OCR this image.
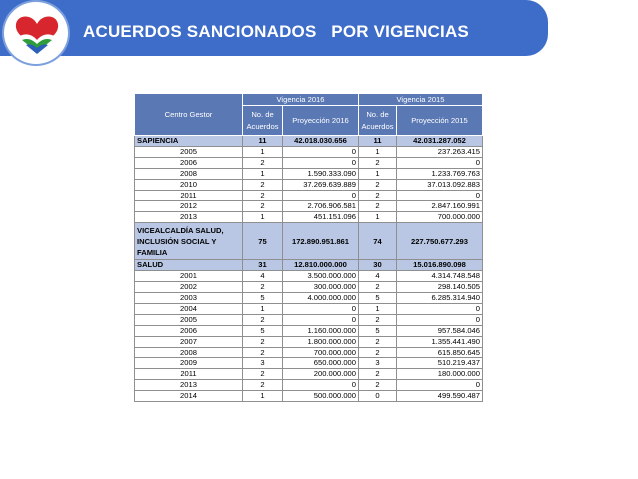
ACUERDOS SANCIONADOS   POR VIGENCIAS
Centro Gestor	Vigencia 2016		Vigencia 2015	
	No. de Acuerdos	Proyección 2016	No. de Acuerdos	Proyección 2015
SAPIENCIA	11	42.018.030.656	11	42.031.287.052
2005	1	0	1	237.263.415
2006	2	0	2	0
2008	1	1.590.333.090	1	1.233.769.763
2010	2	37.269.639.889	2	37.013.092.883
2011	2	0	2	0
2012	2	2.706.906.581	2	2.847.160.991
2013	1	451.151.096	1	700.000.000
VICEALCALDÍA SALUD, INCLUSIÓN SOCIAL Y FAMILIA	75	172.890.951.861	74	227.750.677.293
SALUD	31	12.810.000.000	30	15.016.890.098
2001	4	3.500.000.000	4	4.314.748.548
2002	2	300.000.000	2	298.140.505
2003	5	4.000.000.000	5	6.285.314.940
2004	1	0	1	0
2005	2	0	2	0
2006	5	1.160.000.000	5	957.584.046
2007	2	1.800.000.000	2	1.355.441.490
2008	2	700.000.000	2	615.850.645
2009	3	650.000.000	3	510.219.437
2011	2	200.000.000	2	180.000.000
2013	2	0	2	0
2014	1	500.000.000	0	499.590.487
